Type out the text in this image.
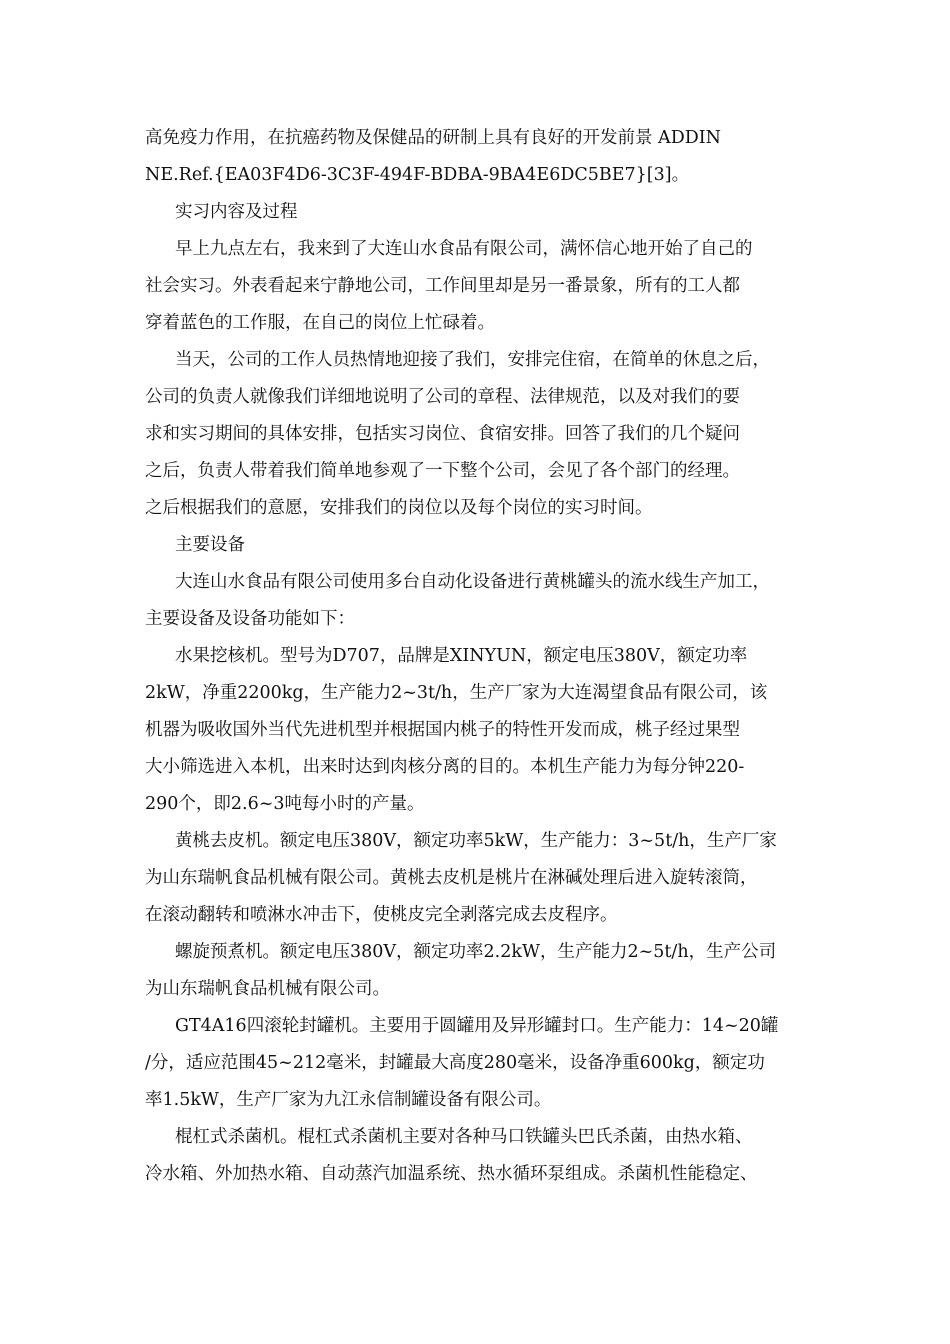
高免疫力作用，在抗癌药物及保健品的研制上具有良好的开发前景 ADDIN
NE.Ref.{EA03F4D6-3C3F-494F-BDBA-9BA4E6DC5BE7}[3]。
实习内容及过程
早上九点左右，我来到了大连山水食品有限公司，满怀信心地开始了自己的
社会实习。外表看起来宁静地公司，工作间里却是另一番景象，所有的工人都
穿着蓝色的工作服，在自己的岗位上忙碌着。
当天，公司的工作人员热情地迎接了我们，安排完住宿，在简单的休息之后，
公司的负责人就像我们详细地说明了公司的章程、法律规范，以及对我们的要
求和实习期间的具体安排，包括实习岗位、食宿安排。回答了我们的几个疑问
之后，负责人带着我们简单地参观了一下整个公司，会见了各个部门的经理。
之后根据我们的意愿，安排我们的岗位以及每个岗位的实习时间。
主要设备
大连山水食品有限公司使用多台自动化设备进行黄桃罐头的流水线生产加工，
主要设备及设备功能如下：
水果挖核机。型号为D707，品牌是XINYUN，额定电压380V，额定功率
2kW，净重2200kg，生产能力2~3t/h，生产厂家为大连渴望食品有限公司，该
机器为吸收国外当代先进机型并根据国内桃子的特性开发而成，桃子经过果型
大小筛选进入本机，出来时达到肉核分离的目的。本机生产能力为每分钟220-
290个，即2.6~3吨每小时的产量。
黄桃去皮机。额定电压380V，额定功率5kW，生产能力：3~5t/h，生产厂家
为山东瑞帆食品机械有限公司。黄桃去皮机是桃片在淋碱处理后进入旋转滚筒，
在滚动翻转和喷淋水冲击下，使桃皮完全剥落完成去皮程序。
螺旋预煮机。额定电压380V，额定功率2.2kW，生产能力2~5t/h，生产公司
为山东瑞帆食品机械有限公司。
GT4A16四滚轮封罐机。主要用于圆罐用及异形罐封口。生产能力：14~20罐
/分，适应范围45~212毫米，封罐最大高度280毫米，设备净重600kg，额定功
率1.5kW，生产厂家为九江永信制罐设备有限公司。
棍杠式杀菌机。棍杠式杀菌机主要对各种马口铁罐头巴氏杀菌，由热水箱、
冷水箱、外加热水箱、自动蒸汽加温系统、热水循环泵组成。杀菌机性能稳定、
